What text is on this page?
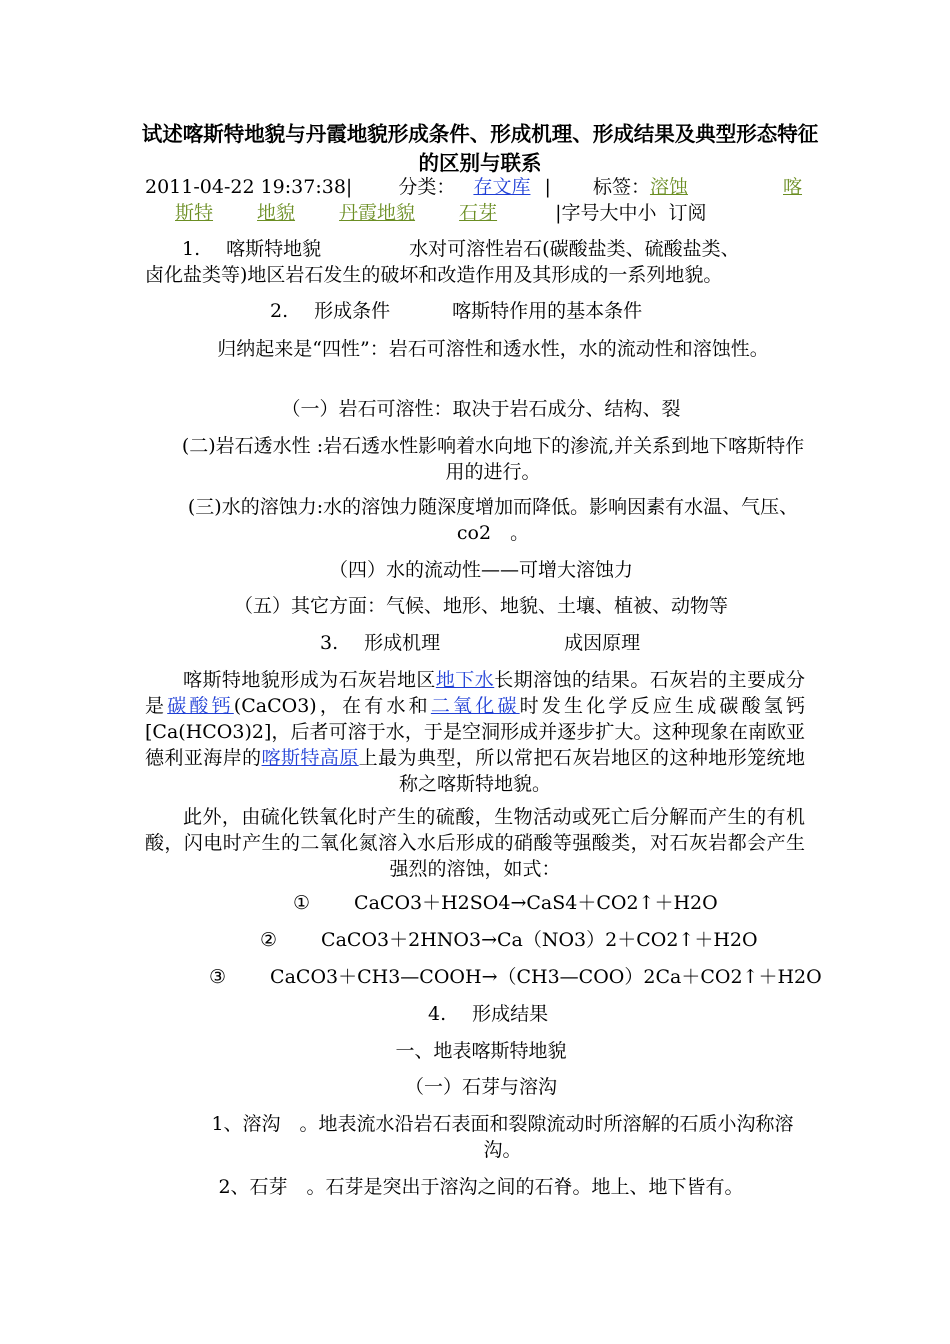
试述喀斯特地貌与丹霞地貌形成条件、形成机理、形成结果及典型形态特征的区别与联系
2011-04-22 19:37:38| 分类： 存文库 | 标签：溶蚀	喀
斯特 地貌 丹霞地貌 石芽	|字号大中小 订阅
1. 喀斯特地貌	水对可溶性岩石(碳酸盐类、硫酸盐类、
卤化盐类等)地区岩石发生的破坏和改造作用及其形成的一系列地貌。
2. 形成条件	喀斯特作用的基本条件

归纳起来是“四性”：岩石可溶性和透水性，水的流动性和溶蚀性。

（一）岩石可溶性：取决于岩石成分、结构、裂

(二)岩石透水性 :岩石透水性影响着水向地下的渗流,并关系到地下喀斯特作用的进行。

(三)水的溶蚀力:水的溶蚀力随深度增加而降低。影响因素有水温、气压、co2　。

（四）水的流动性——可增大溶蚀力

（五）其它方面：气候、地形、地貌、土壤、植被、动物等

3. 形成机理	成因原理

喀斯特地貌形成为石灰岩地区地下水长期溶蚀的结果。石灰岩的主要成分是碳酸钙(CaCO3)，在有水和二氧化碳时发生化学反应生成碳酸氢钙[Ca(HCO3)2]，后者可溶于水，于是空洞形成并逐步扩大。这种现象在南欧亚德利亚海岸的喀斯特高原上最为典型，所以常把石灰岩地区的这种地形笼统地称之喀斯特地貌。

此外，由硫化铁氧化时产生的硫酸，生物活动或死亡后分解而产生的有机酸，闪电时产生的二氧化氮溶入水后形成的硝酸等强酸类，对石灰岩都会产生强烈的溶蚀，如式：

① CaCO3＋H2SO4→CaS4＋CO2↑＋H2O
② CaCO3＋2HNO3→Ca（NO3）2＋CO2↑＋H2O
③ CaCO3＋CH3—COOH→（CH3—COO）2Ca＋CO2↑＋H2O
4. 形成结果

一、地表喀斯特地貌

（一）石芽与溶沟

1、溶沟　。地表流水沿岩石表面和裂隙流动时所溶解的石质小沟称溶沟。

2、石芽　。石芽是突出于溶沟之间的石脊。地上、地下皆有。
